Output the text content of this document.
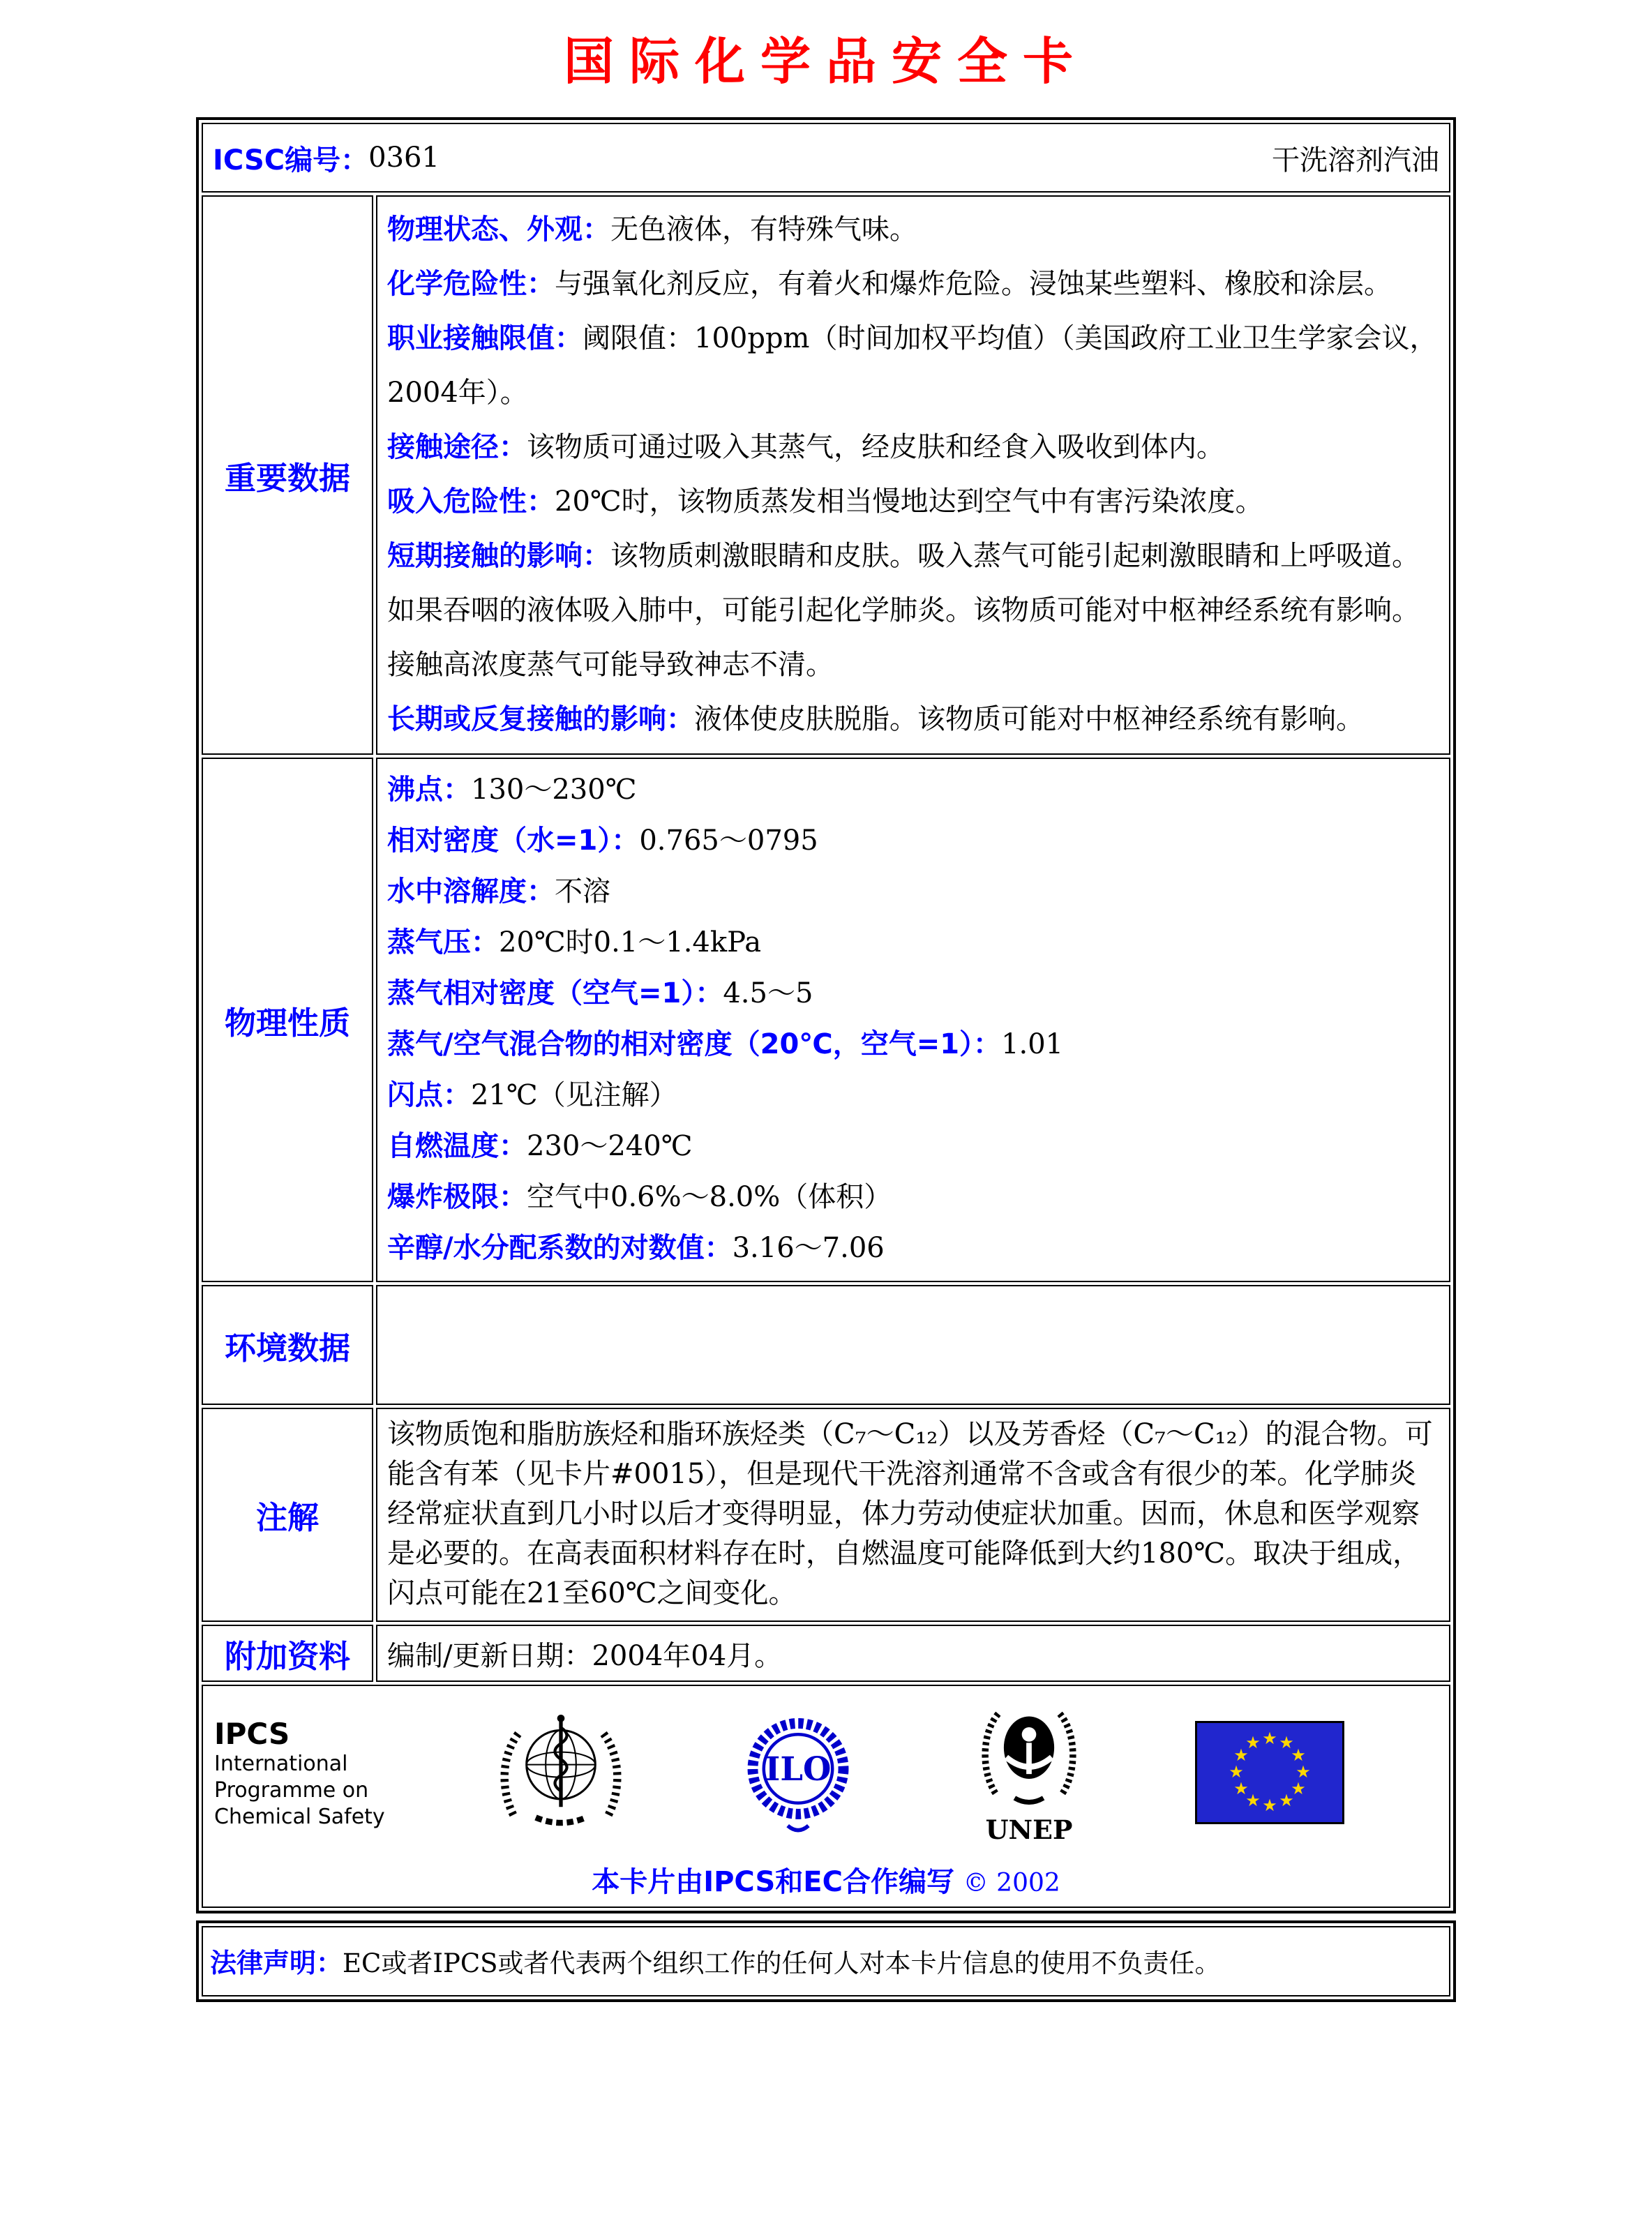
国际化学品安全卡
ICSC编号： 0361 干洗溶剂汽油	

重要数据	
物理状态、外观：无色液体，有特殊气味。
化学危险性：与强氧化剂反应，有着火和爆炸危险。浸蚀某些塑料、橡胶和涂层。
职业接触限值：阈限值：100ppm（时间加权平均值）（美国政府工业卫生学家会议，2004年）。
接触途径：该物质可通过吸入其蒸气，经皮肤和经食入吸收到体内。
吸入危险性：20℃时，该物质蒸发相当慢地达到空气中有害污染浓度。
短期接触的影响：该物质刺激眼睛和皮肤。吸入蒸气可能引起刺激眼睛和上呼吸道。如果吞咽的液体吸入肺中，可能引起化学肺炎。该物质可能对中枢神经系统有影响。接触高浓度蒸气可能导致神志不清。
长期或反复接触的影响：液体使皮肤脱脂。该物质可能对中枢神经系统有影响。

物理性质	
沸点：130～230℃
相对密度（水=1）：0.765～0795
水中溶解度：不溶
蒸气压：20℃时0.1～1.4kPa
蒸气相对密度（空气=1）：4.5～5
蒸气/空气混合物的相对密度（20℃，空气=1）：1.01
闪点：21℃（见注解）
自燃温度：230～240℃
爆炸极限：空气中0.6%～8.0%（体积）
辛醇/水分配系数的对数值：3.16～7.06

环境数据	
注解	该物质饱和脂肪族烃和脂环族烃类（C₇～C₁₂）以及芳香烃（C₇～C₁₂）的混合物。可能含有苯（见卡片#0015），但是现代干洗溶剂通常不含或含有很少的苯。化学肺炎经常症状直到几小时以后才变得明显，体力劳动使症状加重。因而，休息和医学观察是必要的。在高表面积材料存在时，自燃温度可能降低到大约180℃。取决于组成，闪点可能在21至60℃之间变化。

附加资料	编制/更新日期：2004年04月。

IPCS
International
Programme on
Chemical Safety
ILO
UNEP
★ ★
★
★
★
★
★
★
★
★
★
★
本卡片由IPCS和EC合作编写 © 2002
法律声明：EC或者IPCS或者代表两个组织工作的任何人对本卡片信息的使用不负责任。
